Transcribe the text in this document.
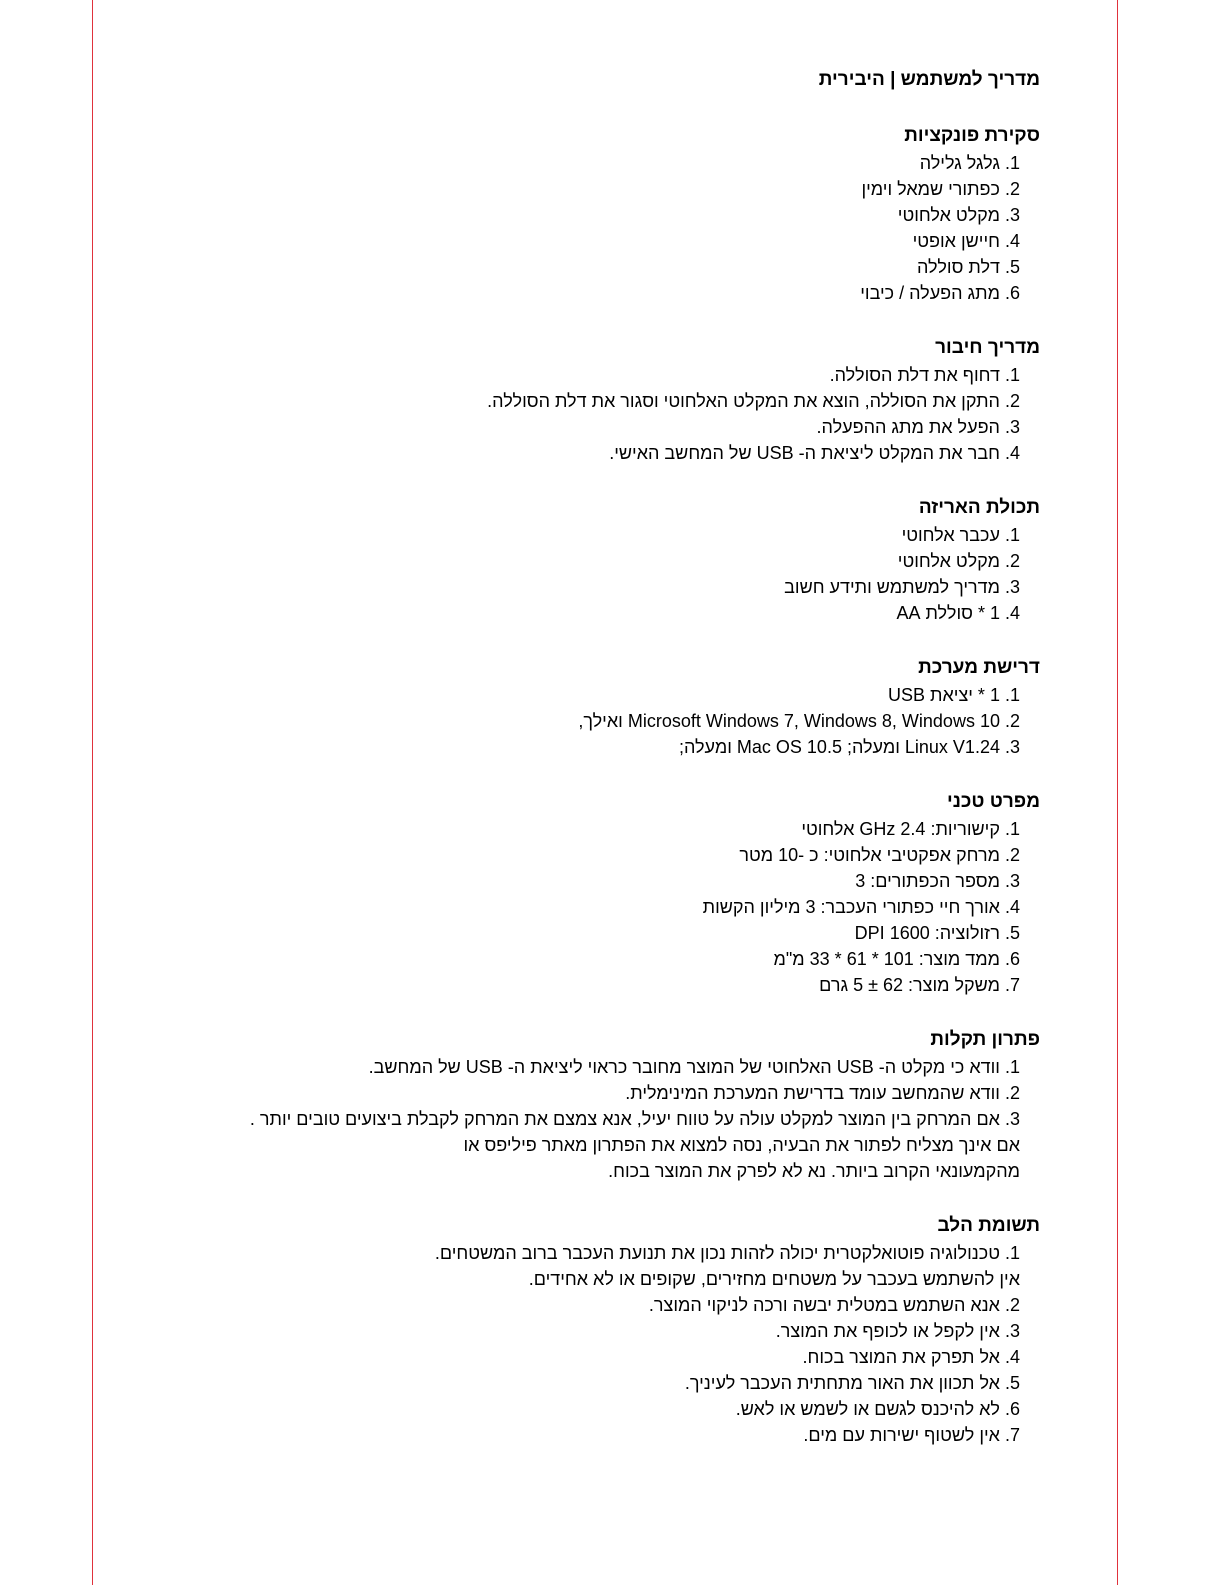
מדריך למשתמש | היבירית
סקירת פונקציות
1. גלגל גלילה
2. כפתורי שמאל וימין
3. מקלט אלחוטי
4. חיישן אופטי
5. דלת סוללה
6. מתג הפעלה / כיבוי
מדריך חיבור
1. דחוף את דלת הסוללה.
2. התקן את הסוללה, הוצא את המקלט האלחוטי וסגור את דלת הסוללה.
3. הפעל את מתג ההפעלה.
4. חבר את המקלט ליציאת ה- USB של המחשב האישי.
תכולת האריזה
1. עכבר אלחוטי
2. מקלט אלחוטי
3. מדריך למשתמש ותידע חשוב
4. 1 * סוללת AA
דרישת מערכת
1. 1 * יציאת USB
2. Microsoft Windows 7, Windows 8, Windows 10 ואילך,
3. Linux V1.24 ומעלה; Mac OS 10.5 ומעלה;
מפרט טכני
1. קישוריות: 2.4 GHz אלחוטי
2. מרחק אפקטיבי אלחוטי: כ -10 מטר
3. מספר הכפתורים: 3
4. אורך חיי כפתורי העכבר: 3 מיליון הקשות
5. רזולוציה: 1600 DPI
6. ממד מוצר: 101 * 61 * 33 מ"מ
7. משקל מוצר: 62 ± 5 גרם
פתרון תקלות
1. וודא כי מקלט ה- USB האלחוטי של המוצר מחובר כראוי ליציאת ה- USB של המחשב.
2. וודא שהמחשב עומד בדרישת המערכת המינימלית.
3. אם המרחק בין המוצר למקלט עולה על טווח יעיל, אנא צמצם את המרחק לקבלת ביצועים טובים יותר .
אם אינך מצליח לפתור את הבעיה, נסה למצוא את הפתרון מאתר פיליפס או
מהקמעונאי הקרוב ביותר. נא לא לפרק את המוצר בכוח.
תשומת הלב
1. טכנולוגיה פוטואלקטרית יכולה לזהות נכון את תנועת העכבר ברוב המשטחים.
אין להשתמש בעכבר על משטחים מחזירים, שקופים או לא אחידים.
2. אנא השתמש במטלית יבשה ורכה לניקוי המוצר.
3. אין לקפל או לכופף את המוצר.
4. אל תפרק את המוצר בכוח.
5. אל תכוון את האור מתחתית העכבר לעיניך.
6. לא להיכנס לגשם או לשמש או לאש.
7. אין לשטוף ישירות עם מים.
